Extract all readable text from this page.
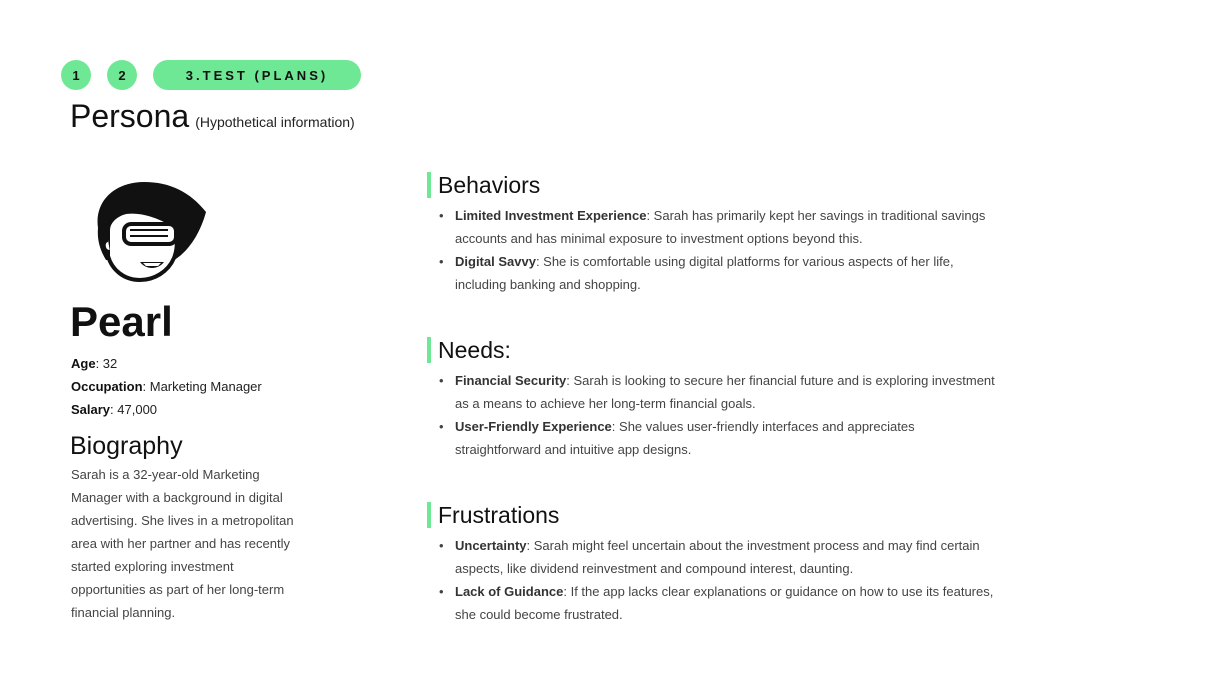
1	2	3.TEST (PLANS)
Persona (Hypothetical information)
Pearl
Age: 32
Occupation: Marketing Manager
Salary: 47,000
Biography
Sarah is a 32-year-old Marketing Manager with a background in digital advertising. She lives in a metropolitan area with her partner and has recently started exploring investment opportunities as part of her long-term financial planning.
Behaviors
• Limited Investment Experience: Sarah has primarily kept her savings in traditional savings accounts and has minimal exposure to investment options beyond this.
• Digital Savvy: She is comfortable using digital platforms for various aspects of her life, including banking and shopping.
Needs:
• Financial Security: Sarah is looking to secure her financial future and is exploring investment as a means to achieve her long-term financial goals.
• User-Friendly Experience: She values user-friendly interfaces and appreciates straightforward and intuitive app designs.
Frustrations
• Uncertainty: Sarah might feel uncertain about the investment process and may find certain aspects, like dividend reinvestment and compound interest, daunting.
• Lack of Guidance: If the app lacks clear explanations or guidance on how to use its features, she could become frustrated.
